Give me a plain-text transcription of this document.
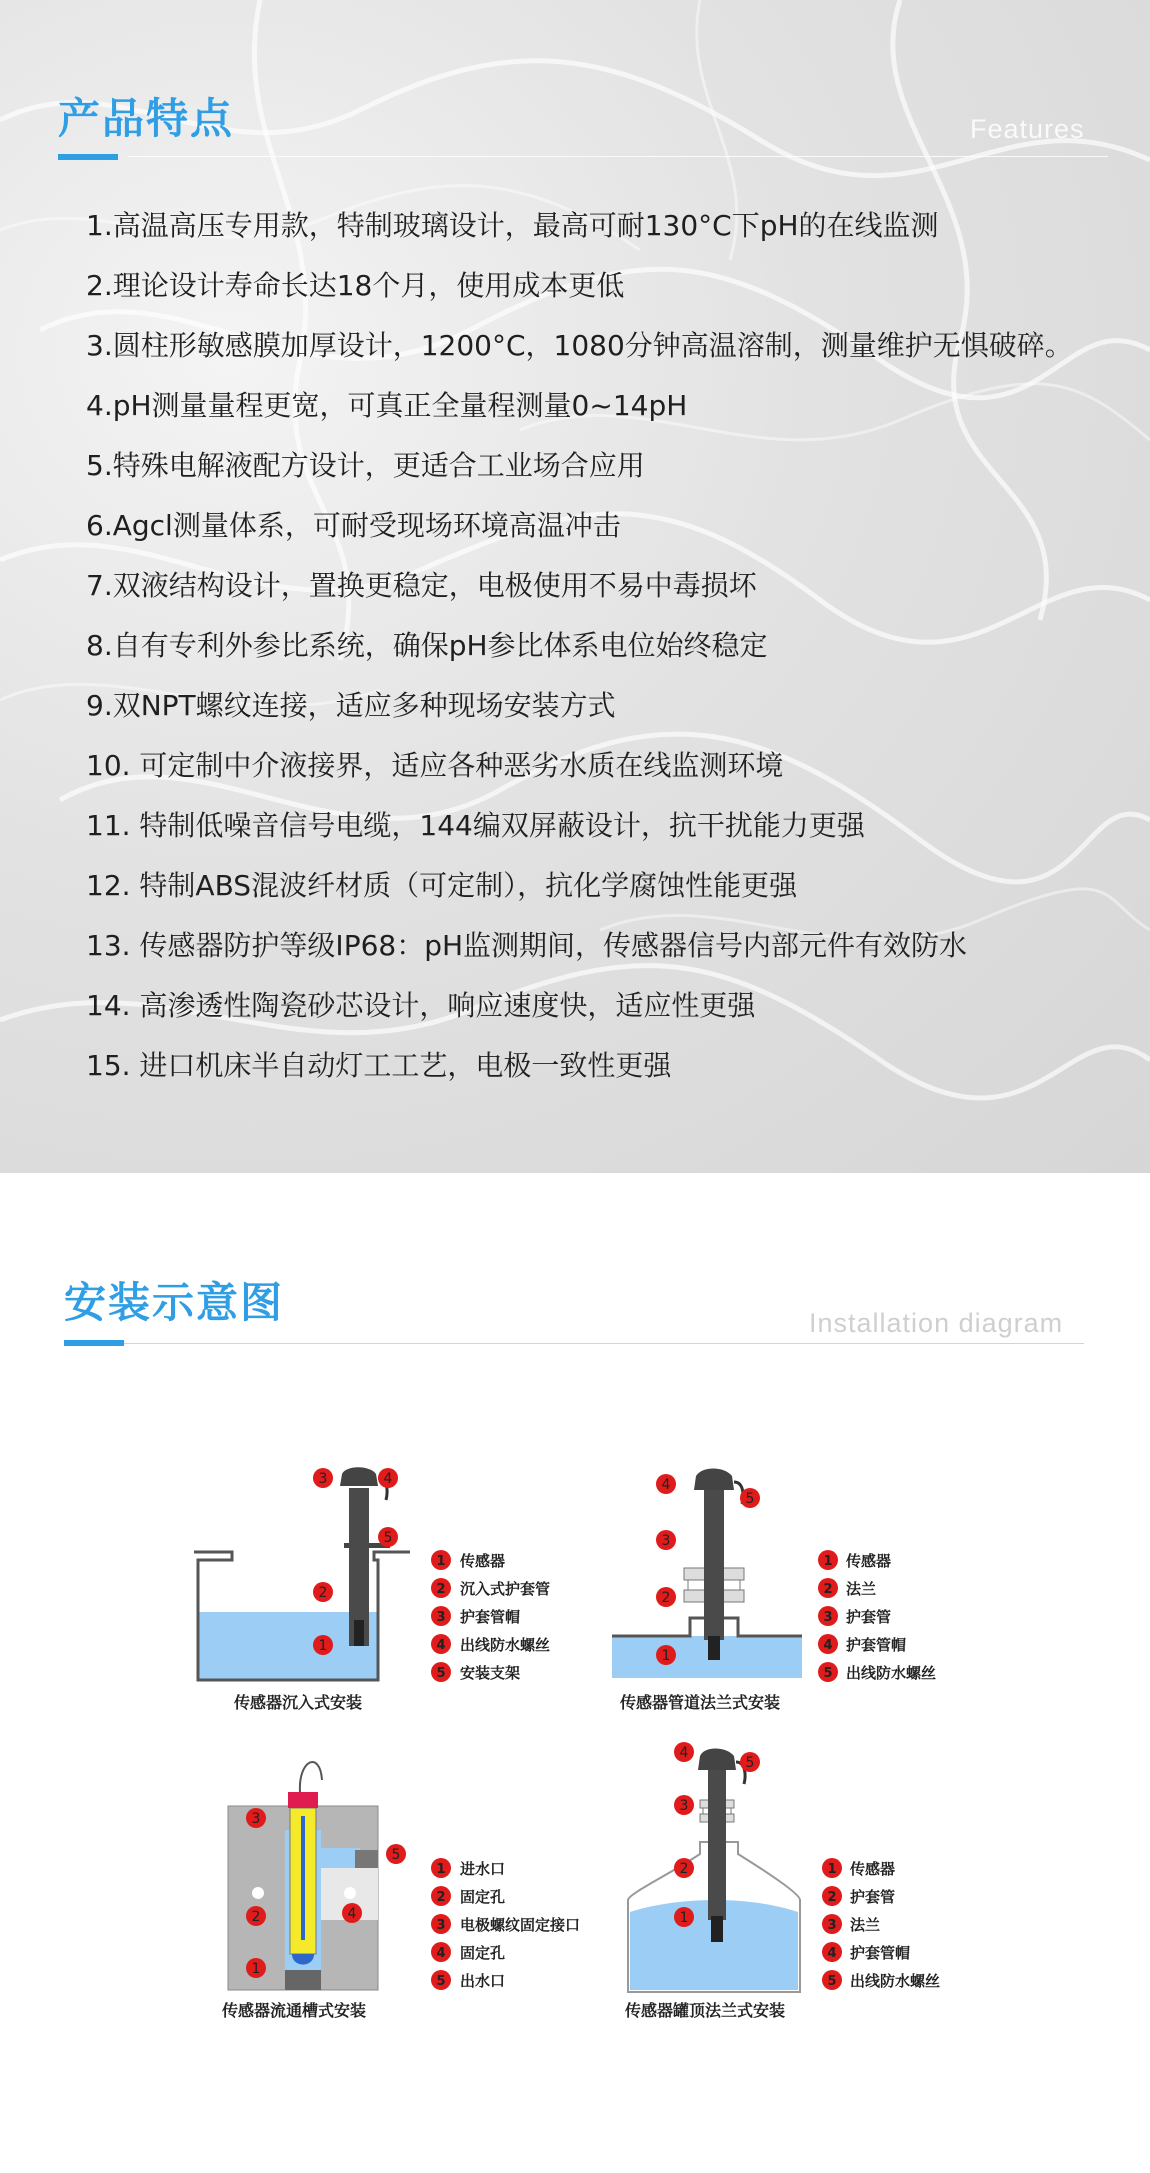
产品特点	Features
1.高温高压专用款，特制玻璃设计，最高可耐130°C下pH的在线监测
2.理论设计寿命长达18个月，使用成本更低
3.圆柱形敏感膜加厚设计，1200°C，1080分钟高温溶制，测量维护无惧破碎。
4.pH测量量程更宽，可真正全量程测量0~14pH
5.特殊电解液配方设计，更适合工业场合应用
6.Agcl测量体系，可耐受现场环境高温冲击
7.双液结构设计，置换更稳定，电极使用不易中毒损坏
8.自有专利外参比系统，确保pH参比体系电位始终稳定
9.双NPT螺纹连接，适应多种现场安装方式
10. 可定制中介液接界，适应各种恶劣水质在线监测环境
11. 特制低噪音信号电缆，144编双屏蔽设计，抗干扰能力更强
12. 特制ABS混波纤材质（可定制），抗化学腐蚀性能更强
13. 传感器防护等级IP68：pH监测期间，传感器信号内部元件有效防水
14. 高渗透性陶瓷砂芯设计，响应速度快，适应性更强
15. 进口机床半自动灯工工艺，电极一致性更强
安装示意图	Installation diagram
3	4
5
2
1
传感器沉入式安装
1 传感器
2 沉入式护套管
3 护套管帽
4 出线防水螺丝
5 安装支架
4
5
3
2
1
传感器管道法兰式安装
1 传感器
2 法兰
3 护套管
4 护套管帽
5 出线防水螺丝
3
5
2	4
1
传感器流通槽式安装
1 进水口
2 固定孔
3 电极螺纹固定接口
4 固定孔
5 出水口
4
5
3
2
1
传感器罐顶法兰式安装
1 传感器
2 护套管
3 法兰
4 护套管帽
5 出线防水螺丝
